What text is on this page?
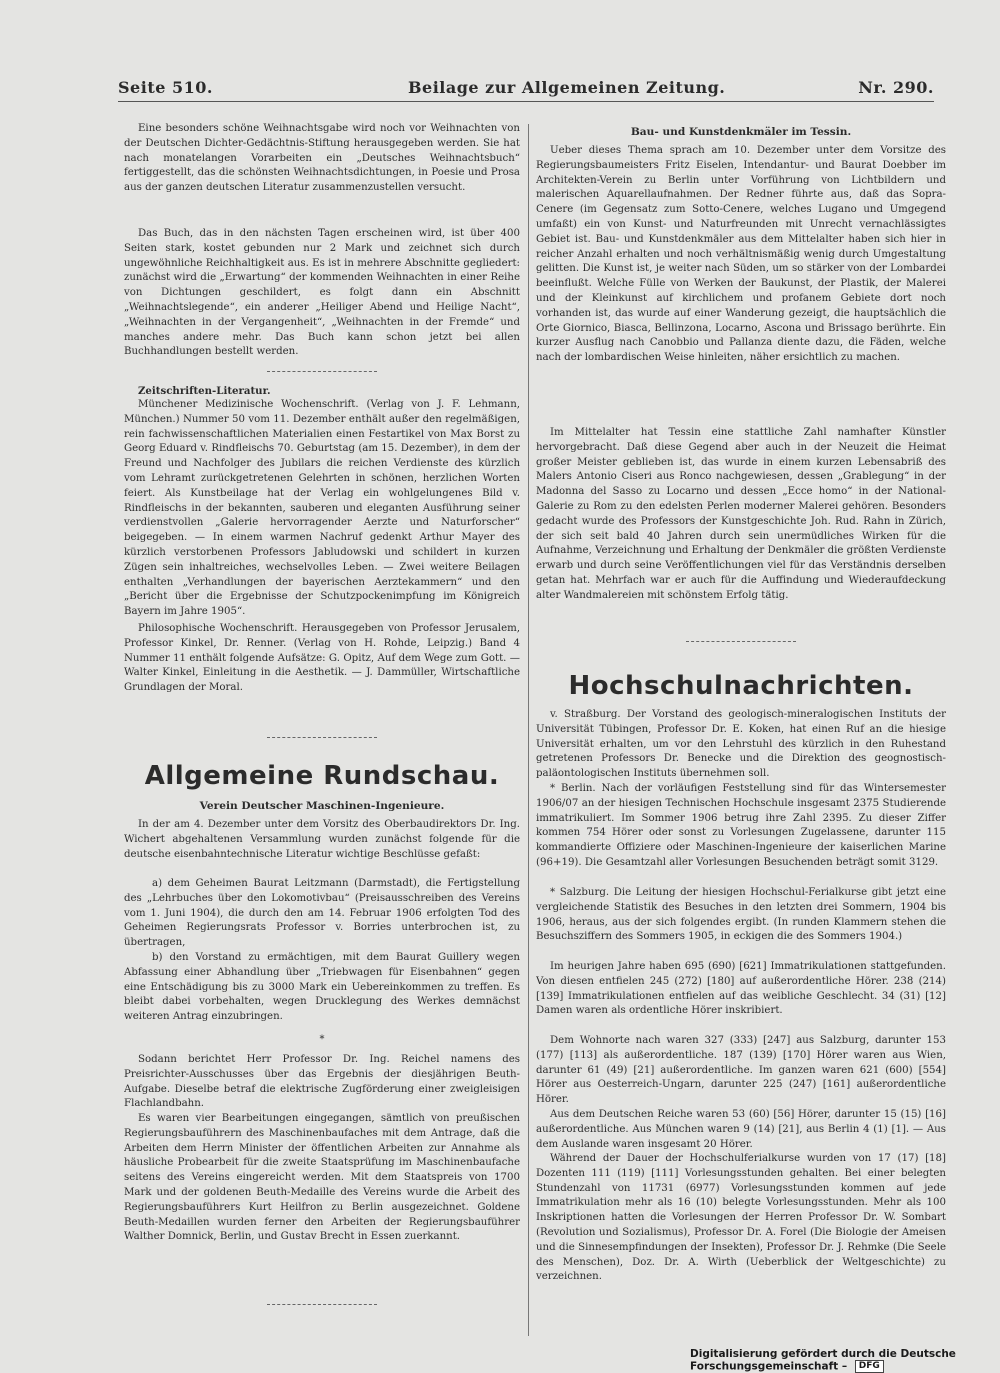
Seite 510.	Beilage zur Allgemeinen Zeitung.	Nr. 290.

Eine besonders schöne Weihnachtsgabe wird noch vor Weihnachten von der Deutschen Dichter-Gedächtnis-Stiftung herausgegeben werden. Sie hat nach monatelangen Vorarbeiten ein „Deutsches Weihnachtsbuch“ fertiggestellt, das die schönsten Weihnachtsdichtungen, in Poesie und Prosa aus der ganzen deutschen Literatur zusammenzustellen versucht.

Das Buch, das in den nächsten Tagen erscheinen wird, ist über 400 Seiten stark, kostet gebunden nur 2 Mark und zeichnet sich durch ungewöhnliche Reichhaltigkeit aus. Es ist in mehrere Abschnitte gegliedert: zunächst wird die „Erwartung“ der kommenden Weihnachten in einer Reihe von Dichtungen geschildert, es folgt dann ein Abschnitt „Weihnachtslegende“, ein anderer „Heiliger Abend und Heilige Nacht“, „Weihnachten in der Vergangenheit“, „Weihnachten in der Fremde“ und manches andere mehr. Das Buch kann schon jetzt bei allen Buchhandlungen bestellt werden.

Zeitschriften-Literatur.

Münchener Medizinische Wochenschrift. (Verlag von J. F. Lehmann, München.) Nummer 50 vom 11. Dezember enthält außer den regelmäßigen, rein fachwissenschaftlichen Materialien einen Festartikel von Max Borst zu Georg Eduard v. Rindfleischs 70. Geburtstag (am 15. Dezember), in dem der Freund und Nachfolger des Jubilars die reichen Verdienste des kürzlich vom Lehramt zurückgetretenen Gelehrten in schönen, herzlichen Worten feiert. Als Kunstbeilage hat der Verlag ein wohlgelungenes Bild v. Rindfleischs in der bekannten, sauberen und eleganten Ausführung seiner verdienstvollen „Galerie hervorragender Aerzte und Naturforscher“ beigegeben. — In einem warmen Nachruf gedenkt Arthur Mayer des kürzlich verstorbenen Professors Jabludowski und schildert in kurzen Zügen sein inhaltreiches, wechselvolles Leben. — Zwei weitere Beilagen enthalten „Verhandlungen der bayerischen Aerztekammern“ und den „Bericht über die Ergebnisse der Schutzpockenimpfung im Königreich Bayern im Jahre 1905“.

Philosophische Wochenschrift. Herausgegeben von Professor Jerusalem, Professor Kinkel, Dr. Renner. (Verlag von H. Rohde, Leipzig.) Band 4 Nummer 11 enthält folgende Aufsätze: G. Opitz, Auf dem Wege zum Gott. — Walter Kinkel, Einleitung in die Aesthetik. — J. Dammüller, Wirtschaftliche Grundlagen der Moral.

Allgemeine Rundschau.
Verein Deutscher Maschinen-Ingenieure.

In der am 4. Dezember unter dem Vorsitz des Oberbaudirektors Dr. Ing. Wichert abgehaltenen Versammlung wurden zunächst folgende für die deutsche eisenbahntechnische Literatur wichtige Beschlüsse gefaßt:

a) dem Geheimen Baurat Leitzmann (Darmstadt), die Fertigstellung des „Lehrbuches über den Lokomotivbau“ (Preisausschreiben des Vereins vom 1. Juni 1904), die durch den am 14. Februar 1906 erfolgten Tod des Geheimen Regierungsrats Professor v. Borries unterbrochen ist, zu übertragen,

b) den Vorstand zu ermächtigen, mit dem Baurat Guillery wegen Abfassung einer Abhandlung über „Triebwagen für Eisenbahnen“ gegen eine Entschädigung bis zu 3000 Mark ein Uebereinkommen zu treffen. Es bleibt dabei vorbehalten, wegen Drucklegung des Werkes demnächst weiteren Antrag einzubringen.

*

Sodann berichtet Herr Professor Dr. Ing. Reichel namens des Preisrichter-Ausschusses über das Ergebnis der diesjährigen Beuth-Aufgabe. Dieselbe betraf die elektrische Zugförderung einer zweigleisigen Flachlandbahn.

Es waren vier Bearbeitungen eingegangen, sämtlich von preußischen Regierungsbauführern des Maschinenbaufaches mit dem Antrage, daß die Arbeiten dem Herrn Minister der öffentlichen Arbeiten zur Annahme als häusliche Probearbeit für die zweite Staatsprüfung im Maschinenbaufache seitens des Vereins eingereicht werden. Mit dem Staatspreis von 1700 Mark und der goldenen Beuth-Medaille des Vereins wurde die Arbeit des Regierungsbauführers Kurt Heilfron zu Berlin ausgezeichnet. Goldene Beuth-Medaillen wurden ferner den Arbeiten der Regierungsbauführer Walther Domnick, Berlin, und Gustav Brecht in Essen zuerkannt.

Bau- und Kunstdenkmäler im Tessin.

Ueber dieses Thema sprach am 10. Dezember unter dem Vorsitze des Regierungsbaumeisters Fritz Eiselen, Intendantur- und Baurat Doebber im Architekten-Verein zu Berlin unter Vorführung von Lichtbildern und malerischen Aquarellaufnahmen. Der Redner führte aus, daß das Sopra-Cenere (im Gegensatz zum Sotto-Cenere, welches Lugano und Umgegend umfaßt) ein von Kunst- und Naturfreunden mit Unrecht vernachlässigtes Gebiet ist. Bau- und Kunstdenkmäler aus dem Mittelalter haben sich hier in reicher Anzahl erhalten und noch verhältnismäßig wenig durch Umgestaltung gelitten. Die Kunst ist, je weiter nach Süden, um so stärker von der Lombardei beeinflußt. Welche Fülle von Werken der Baukunst, der Plastik, der Malerei und der Kleinkunst auf kirchlichem und profanem Gebiete dort noch vorhanden ist, das wurde auf einer Wanderung gezeigt, die hauptsächlich die Orte Giornico, Biasca, Bellinzona, Locarno, Ascona und Brissago berührte. Ein kurzer Ausflug nach Canobbio und Pallanza diente dazu, die Fäden, welche nach der lombardischen Weise hinleiten, näher ersichtlich zu machen.

Im Mittelalter hat Tessin eine stattliche Zahl namhafter Künstler hervorgebracht. Daß diese Gegend aber auch in der Neuzeit die Heimat großer Meister geblieben ist, das wurde in einem kurzen Lebensabriß des Malers Antonio Ciseri aus Ronco nachgewiesen, dessen „Grablegung“ in der Madonna del Sasso zu Locarno und dessen „Ecce homo“ in der National-Galerie zu Rom zu den edelsten Perlen moderner Malerei gehören. Besonders gedacht wurde des Professors der Kunstgeschichte Joh. Rud. Rahn in Zürich, der sich seit bald 40 Jahren durch sein unermüdliches Wirken für die Aufnahme, Verzeichnung und Erhaltung der Denkmäler die größten Verdienste erwarb und durch seine Veröffentlichungen viel für das Verständnis derselben getan hat. Mehrfach war er auch für die Auffindung und Wiederaufdeckung alter Wandmalereien mit schönstem Erfolg tätig.

Hochschulnachrichten.

v. Straßburg. Der Vorstand des geologisch-mineralogischen Instituts der Universität Tübingen, Professor Dr. E. Koken, hat einen Ruf an die hiesige Universität erhalten, um vor den Lehrstuhl des kürzlich in den Ruhestand getretenen Professors Dr. Benecke und die Direktion des geognostisch-paläontologischen Instituts übernehmen soll.

* Berlin. Nach der vorläufigen Feststellung sind für das Wintersemester 1906/07 an der hiesigen Technischen Hochschule insgesamt 2375 Studierende immatrikuliert. Im Sommer 1906 betrug ihre Zahl 2395. Zu dieser Ziffer kommen 754 Hörer oder sonst zu Vorlesungen Zugelassene, darunter 115 kommandierte Offiziere oder Maschinen-Ingenieure der kaiserlichen Marine (96+19). Die Gesamtzahl aller Vorlesungen Besuchenden beträgt somit 3129.

* Salzburg. Die Leitung der hiesigen Hochschul-Ferialkurse gibt jetzt eine vergleichende Statistik des Besuches in den letzten drei Sommern, 1904 bis 1906, heraus, aus der sich folgendes ergibt. (In runden Klammern stehen die Besuchsziffern des Sommers 1905, in eckigen die des Sommers 1904.)

Im heurigen Jahre haben 695 (690) [621] Immatrikulationen stattgefunden. Von diesen entfielen 245 (272) [180] auf außerordentliche Hörer. 238 (214) [139] Immatrikulationen entfielen auf das weibliche Geschlecht. 34 (31) [12] Damen waren als ordentliche Hörer inskribiert.

Dem Wohnorte nach waren 327 (333) [247] aus Salzburg, darunter 153 (177) [113] als außerordentliche. 187 (139) [170] Hörer waren aus Wien, darunter 61 (49) [21] außerordentliche. Im ganzen waren 621 (600) [554] Hörer aus Oesterreich-Ungarn, darunter 225 (247) [161] außerordentliche Hörer.

Aus dem Deutschen Reiche waren 53 (60) [56] Hörer, darunter 15 (15) [16] außerordentliche. Aus München waren 9 (14) [21], aus Berlin 4 (1) [1]. — Aus dem Auslande waren insgesamt 20 Hörer.

Während der Dauer der Hochschulferialkurse wurden von 17 (17) [18] Dozenten 111 (119) [111] Vorlesungsstunden gehalten. Bei einer belegten Stundenzahl von 11731 (6977) Vorlesungsstunden kommen auf jede Immatrikulation mehr als 16 (10) belegte Vorlesungsstunden. Mehr als 100 Inskriptionen hatten die Vorlesungen der Herren Professor Dr. W. Sombart (Revolution und Sozialismus), Professor Dr. A. Forel (Die Biologie der Ameisen und die Sinnesempfindungen der Insekten), Professor Dr. J. Rehmke (Die Seele des Menschen), Doz. Dr. A. Wirth (Ueberblick der Weltgeschichte) zu verzeichnen.

Digitalisierung gefördert durch die Deutsche Forschungsgemeinschaft – DFG
